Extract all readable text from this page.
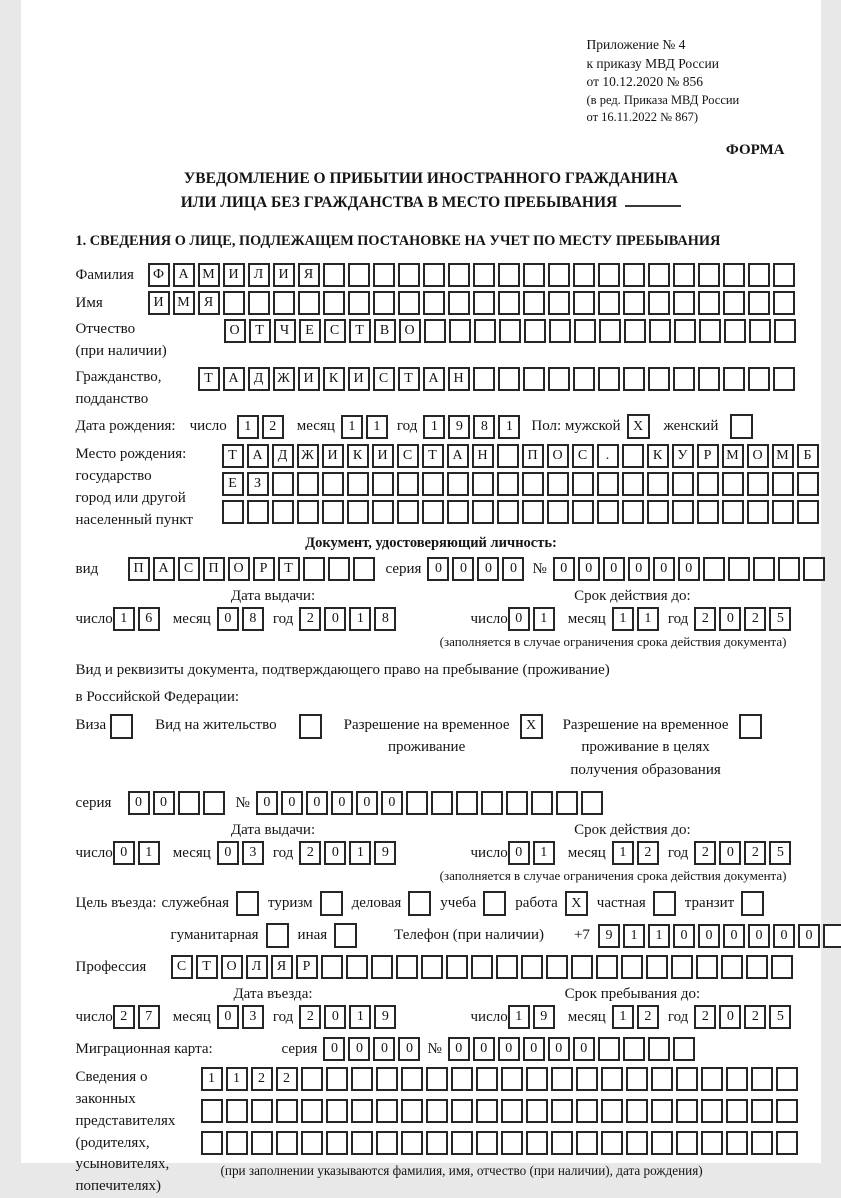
Приложение № 4
к приказу МВД России
от 10.12.2020 № 856
(в ред. Приказа МВД России
от 16.11.2022 № 867)
ФОРМА
УВЕДОМЛЕНИЕ О ПРИБЫТИИ ИНОСТРАННОГО ГРАЖДАНИНА
ИЛИ ЛИЦА БЕЗ ГРАЖДАНСТВА В МЕСТО ПРЕБЫВАНИЯ
1. СВЕДЕНИЯ О ЛИЦЕ, ПОДЛЕЖАЩЕМ ПОСТАНОВКЕ НА УЧЕТ ПО МЕСТУ ПРЕБЫВАНИЯ
Фамилия	Ф	А М И	Л	И	Я
Имя	И М	Я
Отчество
(при наличии)
О	Т	Ч	Е	С	Т	В	О
Гражданство,
подданство
Т	А	Д Ж И	К	И	С	Т	А	Н
Дата рождения: число	1	2	месяц 1	1	год 1	9	8	1	Пол: мужской X	женский
Место рождения:
государство
город или другой
населенный пункт
Т	А	Д Ж И	К	И	С	Т	А	Н	П	О	С	.	К	У	Р	М О М	Б
Е	З
Документ, удостоверяющий личность:
вид	П	А	С	П	О	Р	Т	серия 0	0	0	0	№ 0	0	0	0	0	0
Дата выдачи:
число 1	6	месяц 0	8	год 2	0	1	8
Срок действия до:
число 0	1	месяц 1	1	год 2	0	2	5
(заполняется в случае ограничения срока действия документа)
Вид и реквизиты документа, подтверждающего право на пребывание (проживание)
в Российской Федерации:
Виза	Вид на жительство	Разрешение на временное
проживание
X	Разрешение на временное
проживание в целях
получения образования
серия	0	0	№ 0	0	0	0	0	0
Дата выдачи:
число 0	1	месяц 0	3	год 2	0	1	9
Срок действия до:
число 0	1	месяц 1	2	год 2	0	2	5
(заполняется в случае ограничения срока действия документа)
Цель въезда: служебная	туризм	деловая	учеба	работа X	частная	транзит
гуманитарная	иная	Телефон (при наличии) +7	9	1	1	0	0	0	0	0	0
Профессия	С	Т	О	Л	Я	Р
Дата въезда:
число 2	7	месяц 0	3	год 2	0	1	9
Срок пребывания до:
число 1	9	месяц 1	2	год 2	0	2	5
Миграционная карта:	серия 0	0	0	0 № 0	0	0	0	0	0
Сведения о
законных
представителях
(родителях,
усыновителях,
попечителях)
1	1	2	2
(при заполнении указываются фамилия, имя, отчество (при наличии), дата рождения)
